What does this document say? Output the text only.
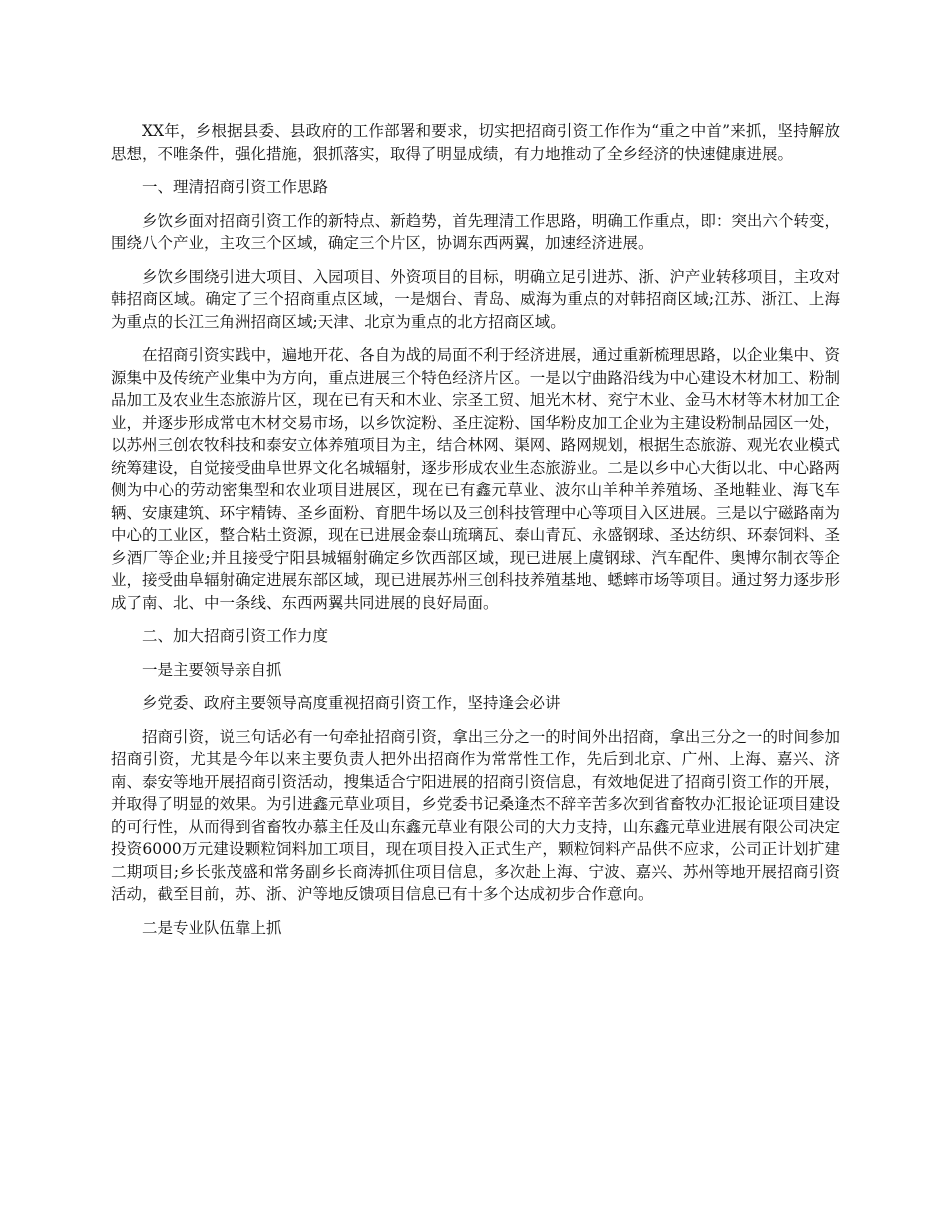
XX年，乡根据县委、县政府的工作部署和要求，切实把招商引资工作作为“重之中首”来抓，坚持解放思想，不唯条件，强化措施，狠抓落实，取得了明显成绩，有力地推动了全乡经济的快速健康进展。

一、理清招商引资工作思路

乡饮乡面对招商引资工作的新特点、新趋势，首先理清工作思路，明确工作重点，即：突出六个转变，围绕八个产业，主攻三个区域，确定三个片区，协调东西两翼，加速经济进展。

乡饮乡围绕引进大项目、入园项目、外资项目的目标，明确立足引进苏、浙、沪产业转移项目，主攻对韩招商区域。确定了三个招商重点区域，一是烟台、青岛、威海为重点的对韩招商区域;江苏、浙江、上海为重点的长江三角洲招商区域;天津、北京为重点的北方招商区域。

在招商引资实践中，遍地开花、各自为战的局面不利于经济进展，通过重新梳理思路，以企业集中、资源集中及传统产业集中为方向，重点进展三个特色经济片区。一是以宁曲路沿线为中心建设木材加工、粉制品加工及农业生态旅游片区，现在已有天和木业、宗圣工贸、旭光木材、兖宁木业、金马木材等木材加工企业，并逐步形成常屯木材交易市场，以乡饮淀粉、圣庄淀粉、国华粉皮加工企业为主建设粉制品园区一处，以苏州三创农牧科技和泰安立体养殖项目为主，结合林网、渠网、路网规划，根据生态旅游、观光农业模式统筹建设，自觉接受曲阜世界文化名城辐射，逐步形成农业生态旅游业。二是以乡中心大街以北、中心路两侧为中心的劳动密集型和农业项目进展区，现在已有鑫元草业、波尔山羊种羊养殖场、圣地鞋业、海飞车辆、安康建筑、环宇精铸、圣乡面粉、育肥牛场以及三创科技管理中心等项目入区进展。三是以宁磁路南为中心的工业区，整合粘土资源，现在已进展金泰山琉璃瓦、泰山青瓦、永盛钢球、圣达纺织、环泰饲料、圣乡酒厂等企业;并且接受宁阳县城辐射确定乡饮西部区域，现已进展上虞钢球、汽车配件、奥博尔制衣等企业，接受曲阜辐射确定进展东部区域，现已进展苏州三创科技养殖基地、蟋蟀市场等项目。通过努力逐步形成了南、北、中一条线、东西两翼共同进展的良好局面。

二、加大招商引资工作力度

一是主要领导亲自抓

乡党委、政府主要领导高度重视招商引资工作，坚持逢会必讲

招商引资，说三句话必有一句牵扯招商引资，拿出三分之一的时间外出招商，拿出三分之一的时间参加招商引资，尤其是今年以来主要负责人把外出招商作为常常性工作，先后到北京、广州、上海、嘉兴、济南、泰安等地开展招商引资活动，搜集适合宁阳进展的招商引资信息，有效地促进了招商引资工作的开展，并取得了明显的效果。为引进鑫元草业项目，乡党委书记桑逢杰不辞辛苦多次到省畜牧办汇报论证项目建设的可行性，从而得到省畜牧办慕主任及山东鑫元草业有限公司的大力支持，山东鑫元草业进展有限公司决定投资6000万元建设颗粒饲料加工项目，现在项目投入正式生产，颗粒饲料产品供不应求，公司正计划扩建二期项目;乡长张茂盛和常务副乡长商涛抓住项目信息，多次赴上海、宁波、嘉兴、苏州等地开展招商引资活动，截至目前，苏、浙、沪等地反馈项目信息已有十多个达成初步合作意向。

二是专业队伍靠上抓
